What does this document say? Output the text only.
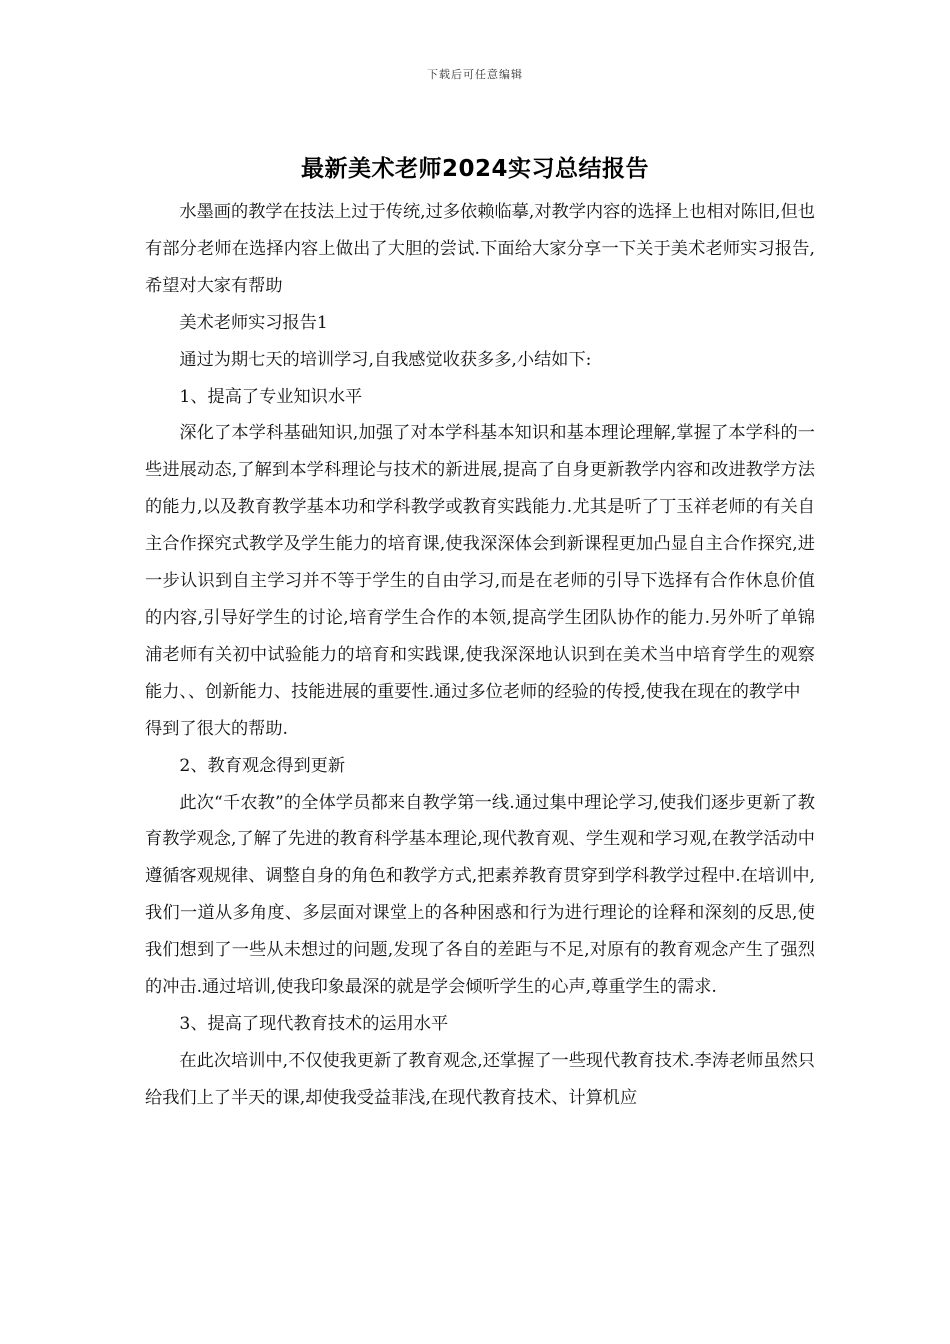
下载后可任意编辑
最新美术老师2024实习总结报告

水墨画的教学在技法上过于传统,过多依赖临摹,对教学内容的选择上也相对陈旧,但也有部分老师在选择内容上做出了大胆的尝试.下面给大家分享一下关于美术老师实习报告,希望对大家有帮助

美术老师实习报告1

通过为期七天的培训学习,自我感觉收获多多,小结如下:

1、提高了专业知识水平

深化了本学科基础知识,加强了对本学科基本知识和基本理论理解,掌握了本学科的一些进展动态,了解到本学科理论与技术的新进展,提高了自身更新教学内容和改进教学方法的能力,以及教育教学基本功和学科教学或教育实践能力.尤其是听了丁玉祥老师的有关自主合作探究式教学及学生能力的培育课,使我深深体会到新课程更加凸显自主合作探究,进一步认识到自主学习并不等于学生的自由学习,而是在老师的引导下选择有合作休息价值的内容,引导好学生的讨论,培育学生合作的本领,提高学生团队协作的能力.另外听了单锦浦老师有关初中试验能力的培育和实践课,使我深深地认识到在美术当中培育学生的观察能力、、创新能力、技能进展的重要性.通过多位老师的经验的传授,使我在现在的教学中

得到了很大的帮助.

2、教育观念得到更新

此次“千农教”的全体学员都来自教学第一线.通过集中理论学习,使我们逐步更新了教育教学观念,了解了先进的教育科学基本理论,现代教育观、学生观和学习观,在教学活动中遵循客观规律、调整自身的角色和教学方式,把素养教育贯穿到学科教学过程中.在培训中,我们一道从多角度、多层面对课堂上的各种困惑和行为进行理论的诠释和深刻的反思,使我们想到了一些从未想过的问题,发现了各自的差距与不足,对原有的教育观念产生了强烈的冲击.通过培训,使我印象最深的就是学会倾听学生的心声,尊重学生的需求.

3、提高了现代教育技术的运用水平

在此次培训中,不仅使我更新了教育观念,还掌握了一些现代教育技术.李涛老师虽然只给我们上了半天的课,却使我受益菲浅,在现代教育技术、计算机应
